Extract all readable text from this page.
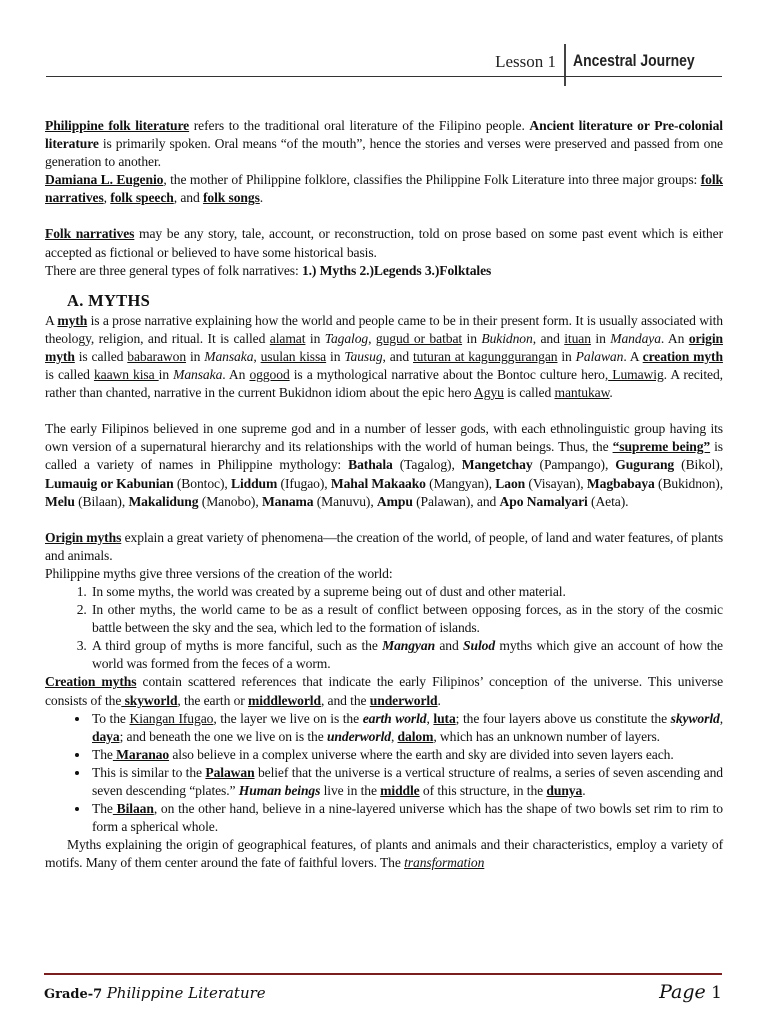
Lesson 1 Ancestral Journey

Philippine folk literature refers to the traditional oral literature of the Filipino people. Ancient literature or Pre-colonial literature is primarily spoken. Oral means “of the mouth”, hence the stories and verses were preserved and passed from one generation to another.

Damiana L. Eugenio, the mother of Philippine folklore, classifies the Philippine Folk Literature into three major groups: folk narratives, folk speech, and folk songs.

Folk narratives may be any story, tale, account, or reconstruction, told on prose based on some past event which is either accepted as fictional or believed to have some historical basis.

There are three general types of folk narratives: 1.) Myths 2.)Legends 3.)Folktales

A. MYTHS

A myth is a prose narrative explaining how the world and people came to be in their present form. It is usually associated with theology, religion, and ritual. It is called alamat in Tagalog, gugud or batbat in Bukidnon, and ituan in Mandaya. An origin myth is called babarawon in Mansaka, usulan kissa in Tausug, and tuturan at kagunggurangan in Palawan. A creation myth is called kaawn kisa in Mansaka. An oggood is a mythological narrative about the Bontoc culture hero, Lumawig. A recited, rather than chanted, narrative in the current Bukidnon idiom about the epic hero Agyu is called mantukaw.

The early Filipinos believed in one supreme god and in a number of lesser gods, with each ethnolinguistic group having its own version of a supernatural hierarchy and its relationships with the world of human beings. Thus, the “supreme being” is called a variety of names in Philippine mythology: Bathala (Tagalog), Mangetchay (Pampango), Gugurang (Bikol), Lumauig or Kabunian (Bontoc), Liddum (Ifugao), Mahal Makaako (Mangyan), Laon (Visayan), Magbabaya (Bukidnon), Melu (Bilaan), Makalidung (Manobo), Manama (Manuvu), Ampu (Palawan), and Apo Namalyari (Aeta).

Origin myths explain a great variety of phenomena—the creation of the world, of people, of land and water features, of plants and animals.

Philippine myths give three versions of the creation of the world:

1. In some myths, the world was created by a supreme being out of dust and other material.
2. In other myths, the world came to be as a result of conflict between opposing forces, as in the story of the cosmic battle between the sky and the sea, which led to the formation of islands.
3. A third group of myths is more fanciful, such as the Mangyan and Sulod myths which give an account of how the world was formed from the feces of a worm.

Creation myths contain scattered references that indicate the early Filipinos’ conception of the universe. This universe consists of the skyworld, the earth or middleworld, and the underworld.

• To the Kiangan Ifugao, the layer we live on is the earth world, luta; the four layers above us constitute the skyworld, daya; and beneath the one we live on is the underworld, dalom, which has an unknown number of layers.
• The Maranao also believe in a complex universe where the earth and sky are divided into seven layers each.
• This is similar to the Palawan belief that the universe is a vertical structure of realms, a series of seven ascending and seven descending “plates.” Human beings live in the middle of this structure, in the dunya.
• The Bilaan, on the other hand, believe in a nine-layered universe which has the shape of two bowls set rim to rim to form a spherical whole.

Myths explaining the origin of geographical features, of plants and animals and their characteristics, employ a variety of motifs. Many of them center around the fate of faithful lovers. The transformation

Grade-7 Philippine Literature	Page 1
